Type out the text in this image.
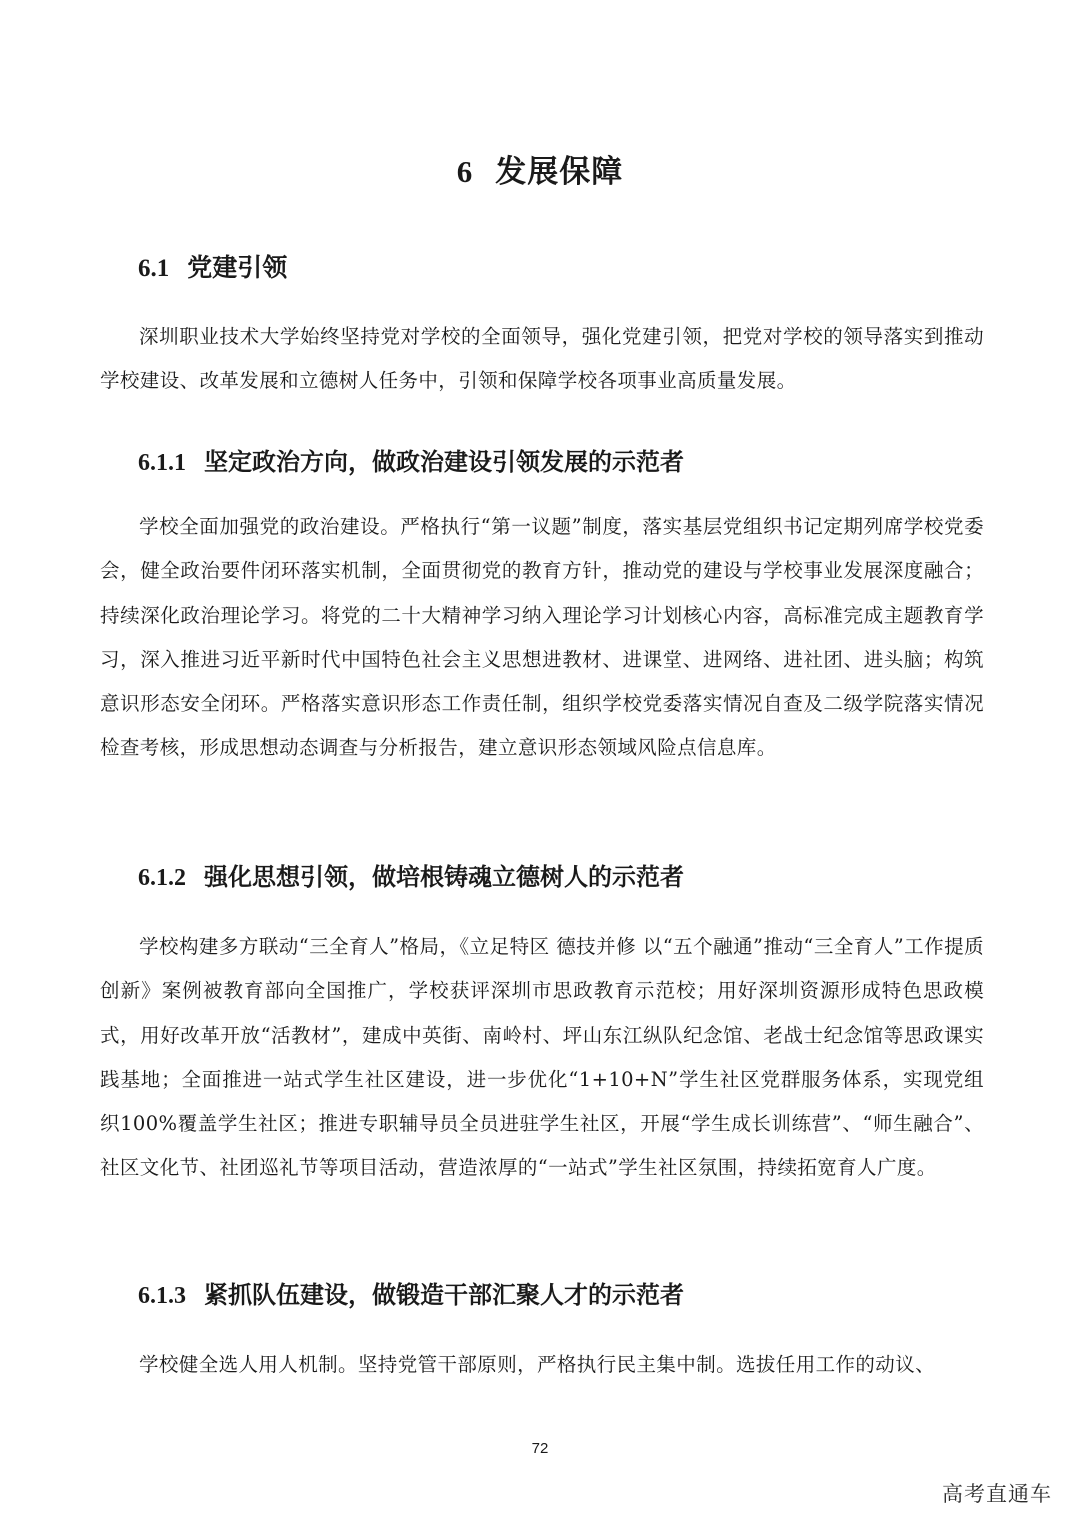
6 发展保障
6.1 党建引领

深圳职业技术大学始终坚持党对学校的全面领导，强化党建引领，把党对学校的领导落实到推动学校建设、改革发展和立德树人任务中，引领和保障学校各项事业高质量发展。

6.1.1 坚定政治方向，做政治建设引领发展的示范者

学校全面加强党的政治建设。严格执行“第一议题”制度，落实基层党组织书记定期列席学校党委会，健全政治要件闭环落实机制，全面贯彻党的教育方针，推动党的建设与学校事业发展深度融合；持续深化政治理论学习。将党的二十大精神学习纳入理论学习计划核心内容，高标准完成主题教育学习，深入推进习近平新时代中国特色社会主义思想进教材、进课堂、进网络、进社团、进头脑；构筑意识形态安全闭环。严格落实意识形态工作责任制，组织学校党委落实情况自查及二级学院落实情况检查考核，形成思想动态调查与分析报告，建立意识形态领域风险点信息库。

6.1.2 强化思想引领，做培根铸魂立德树人的示范者

学校构建多方联动“三全育人”格局，《立足特区 德技并修 以“五个融通”推动“三全育人”工作提质创新》案例被教育部向全国推广，学校获评深圳市思政教育示范校；用好深圳资源形成特色思政模式，用好改革开放“活教材”，建成中英街、南岭村、坪山东江纵队纪念馆、老战士纪念馆等思政课实践基地；全面推进一站式学生社区建设，进一步优化“1+10+N”学生社区党群服务体系，实现党组织100%覆盖学生社区；推进专职辅导员全员进驻学生社区，开展“学生成长训练营”、“师生融合”、社区文化节、社团巡礼节等项目活动，营造浓厚的“一站式”学生社区氛围，持续拓宽育人广度。

6.1.3 紧抓队伍建设，做锻造干部汇聚人才的示范者

学校健全选人用人机制。坚持党管干部原则，严格执行民主集中制。选拔任用工作的动议、

72

高考直通车
